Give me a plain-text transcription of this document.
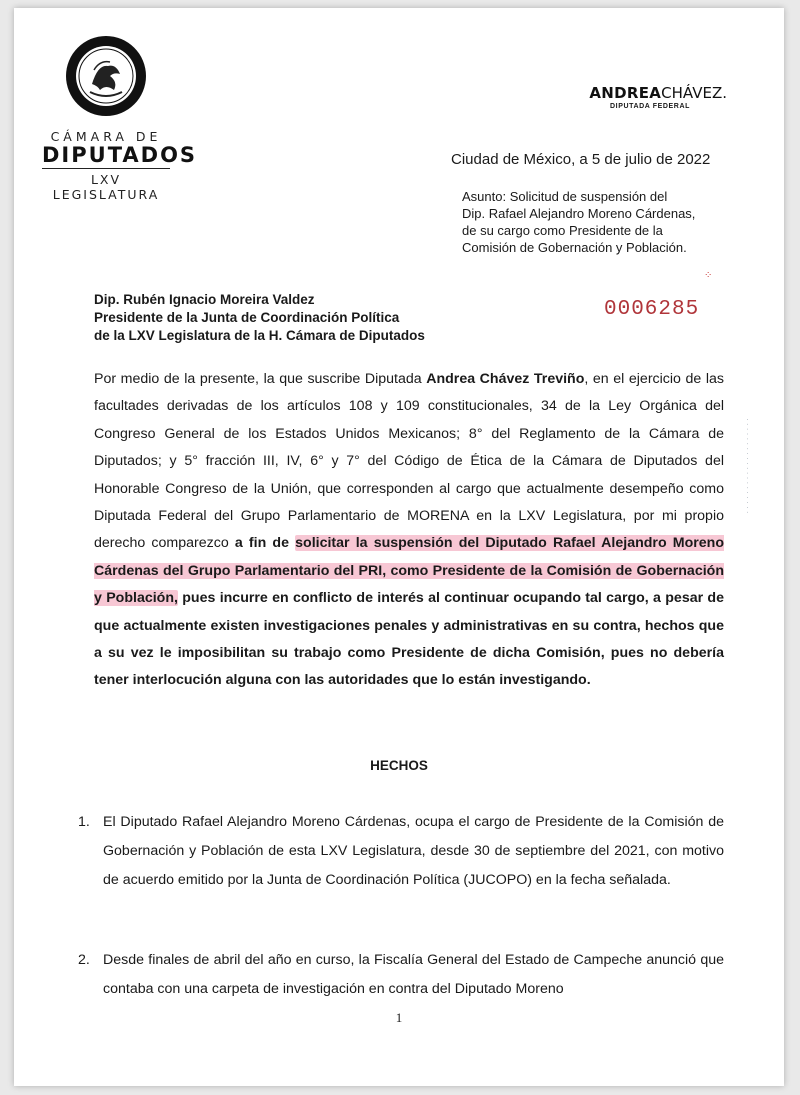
CÁMARA DE
DIPUTADOS
LXV LEGISLATURA
ANDREACHÁVEZ.
DIPUTADA FEDERAL
Ciudad de México, a 5 de julio de 2022
Asunto: Solicitud de suspensión del
Dip. Rafael Alejandro Moreno Cárdenas,
de su cargo como Presidente de la
Comisión de Gobernación y Población.
⁘
Dip. Rubén Ignacio Moreira Valdez
Presidente de la Junta de Coordinación Política
de la LXV Legislatura de la H. Cámara de Diputados
0006285
Por medio de la presente, la que suscribe Diputada Andrea Chávez Treviño, en el ejercicio de las facultades derivadas de los artículos 108 y 109 constitucionales, 34 de la Ley Orgánica del Congreso General de los Estados Unidos Mexicanos; 8° del Reglamento de la Cámara de Diputados; y 5° fracción III, IV, 6° y 7° del Código de Ética de la Cámara de Diputados del Honorable Congreso de la Unión, que corresponden al cargo que actualmente desempeño como Diputada Federal del Grupo Parlamentario de MORENA en la LXV Legislatura, por mi propio derecho comparezco a fin de solicitar la suspensión del Diputado Rafael Alejandro Moreno Cárdenas del Grupo Parlamentario del PRI, como Presidente de la Comisión de Gobernación y Población, pues incurre en conflicto de interés al continuar ocupando tal cargo, a pesar de que actualmente existen investigaciones penales y administrativas en su contra, hechos que a su vez le imposibilitan su trabajo como Presidente de dicha Comisión, pues no debería tener interlocución alguna con las autoridades que lo están investigando.
· · · · · · · · · · · · · · · · · · · ·
HECHOS
1. El Diputado Rafael Alejandro Moreno Cárdenas, ocupa el cargo de Presidente de la Comisión de Gobernación y Población de esta LXV Legislatura, desde 30 de septiembre del 2021, con motivo de acuerdo emitido por la Junta de Coordinación Política (JUCOPO) en la fecha señalada.
2. Desde finales de abril del año en curso, la Fiscalía General del Estado de Campeche anunció que contaba con una carpeta de investigación en contra del Diputado Moreno
1
